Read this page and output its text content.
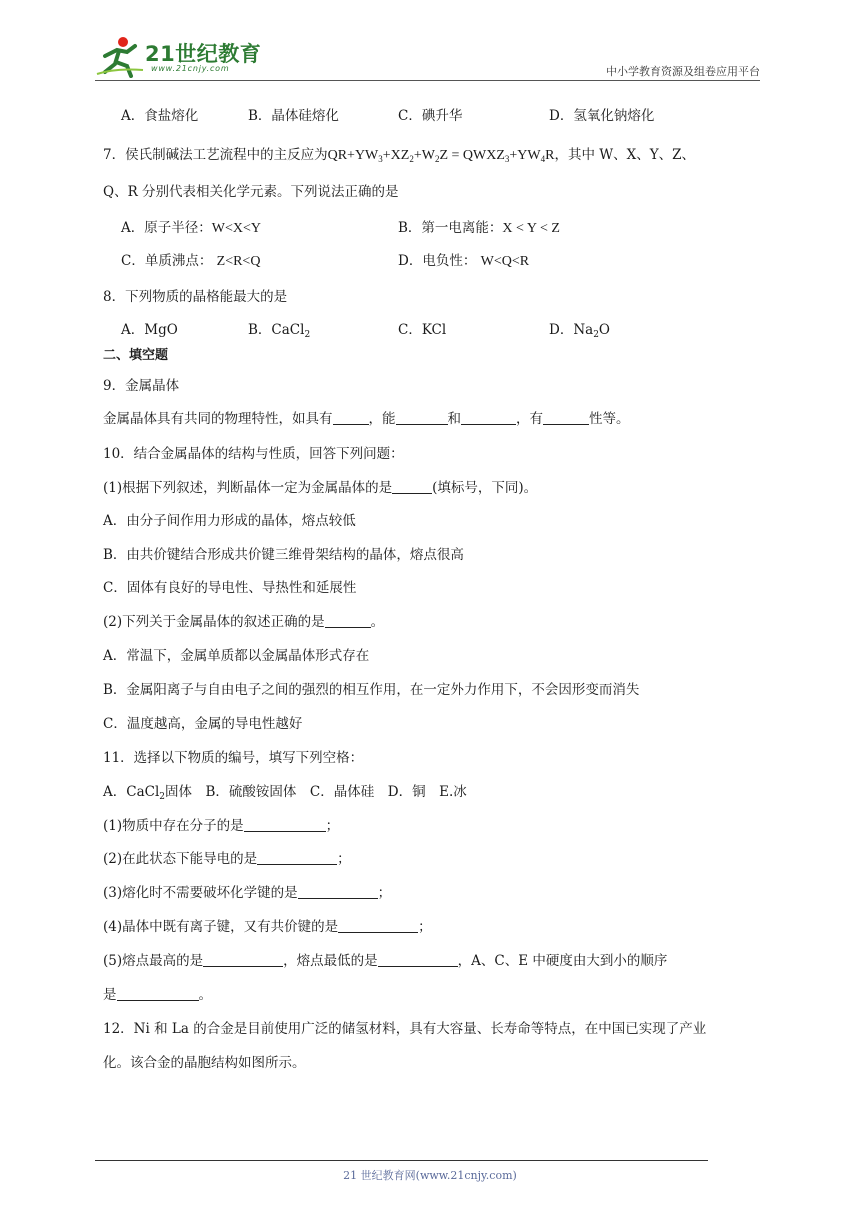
21世纪教育
www.21cnjy.com	中小学教育资源及组卷应用平台
A．食盐熔化	B．晶体硅熔化	C．碘升华	D．氢氧化钠熔化
7．侯氏制碱法工艺流程中的主反应为$QR+YW_3+XZ_2+W_2Z$ = $QWXZ_3+YW_4R$，其中 W、X、Y、Z、
Q、R 分别代表相关化学元素。下列说法正确的是
A．原子半径：W<X<Y	B．第一电离能：X < Y < Z
C．单质沸点： Z<R<Q	D．电负性： W<Q<R
8．下列物质的晶格能最大的是
A．MgO	B．CaCl$_2$	C．KCl	D．$Na_2O$
二、填空题
9．金属晶体
金属晶体具有共同的物理特性，如具有	，能	和	，有	性等。
10．结合金属晶体的结构与性质，回答下列问题：
(1)根据下列叙述，判断晶体一定为金属晶体的是	(填标号，下同)。
A．由分子间作用力形成的晶体，熔点较低
B．由共价键结合形成共价键三维骨架结构的晶体，熔点很高
C．固体有良好的导电性、导热性和延展性
(2)下列关于金属晶体的叙述正确的是	。
A．常温下，金属单质都以金属晶体形式存在
B．金属阳离子与自由电子之间的强烈的相互作用，在一定外力作用下，不会因形变而消失
C．温度越高，金属的导电性越好
11．选择以下物质的编号，填写下列空格：
A．CaCl$_2$固体　B．硫酸铵固体　C．晶体硅　D．铜　E.冰
(1)物质中存在分子的是	；
(2)在此状态下能导电的是	；
(3)熔化时不需要破坏化学键的是	；
(4)晶体中既有离子键，又有共价键的是	；
(5)熔点最高的是	，熔点最低的是	，A、C、E 中硬度由大到小的顺序
是	。
12．Ni 和 La 的合金是目前使用广泛的储氢材料，具有大容量、长寿命等特点，在中国已实现了产业
化。该合金的晶胞结构如图所示。
21 世纪教育网(www.21cnjy.com)
